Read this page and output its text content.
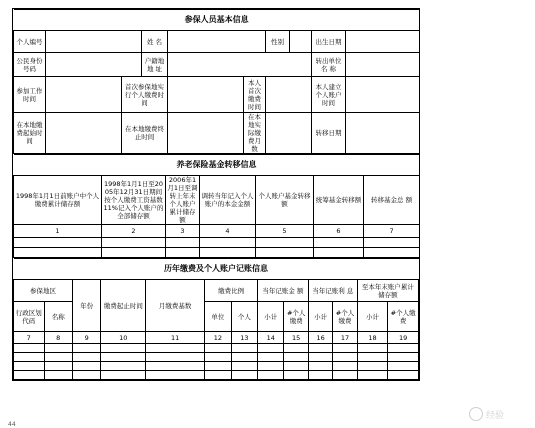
参保人员基本信息									
个人编号			姓 名			性别		出生日期	
公民身份号码			户籍地地 址					转出单位名 称	
参加工作时间		首次参保地实行个人缴费时间			本人首次缴费时间			本人建立个人账户时间	
在本地缴费起始时间		在本地缴费终止时间			在本地实际缴费月数			转移日期	
养老保险基金转移信息						
1998年1月1日前账户中个人缴费累计储存额	1998年1月1日至2005年12月31日期间按个人缴费工资基数11%记入个人账户的全部储存额	2006年1月1日至调转上年末个人账户累计储存额	调转当年记入个人账户的本金金额	个人账户基金转移额	统筹基金转移额	转移基金总 额
1	2	3	4	5	6	7

历年缴费及个人账户记账信息												
参保地区		年份	缴费起止时间	月缴费基数	缴费比例		当年记账金 额		当年记账利 息		至本年末账户累计储存额	
行政区划代码	名称				单位	个人	小计	#个人缴费	小计	#个人缴费	小计	#个人缴费
7	8	9	10	11	12	13	14	15	16	17	18	19

44
经验
